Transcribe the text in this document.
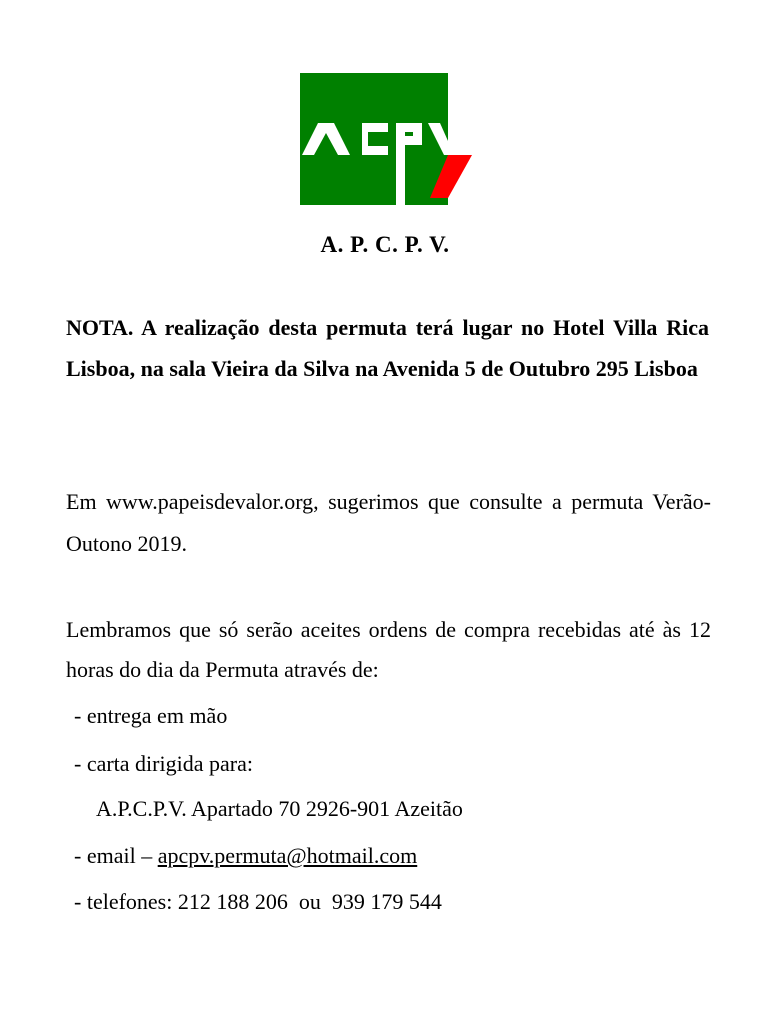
A. P. C. P. V.
NOTA. A realização desta permuta terá lugar no Hotel Villa Rica Lisboa, na sala Vieira da Silva na Avenida 5 de Outubro 295 Lisboa
Em www.papeisdevalor.org, sugerimos que consulte a permuta Verão-Outono 2019.
Lembramos que só serão aceites ordens de compra recebidas até às 12 horas do dia da Permuta através de:
- entrega em mão
- carta dirigida para:
A.P.C.P.V. Apartado 70 2926-901 Azeitão
- email – apcpv.permuta@hotmail.com
- telefones: 212 188 206  ou  939 179 544
